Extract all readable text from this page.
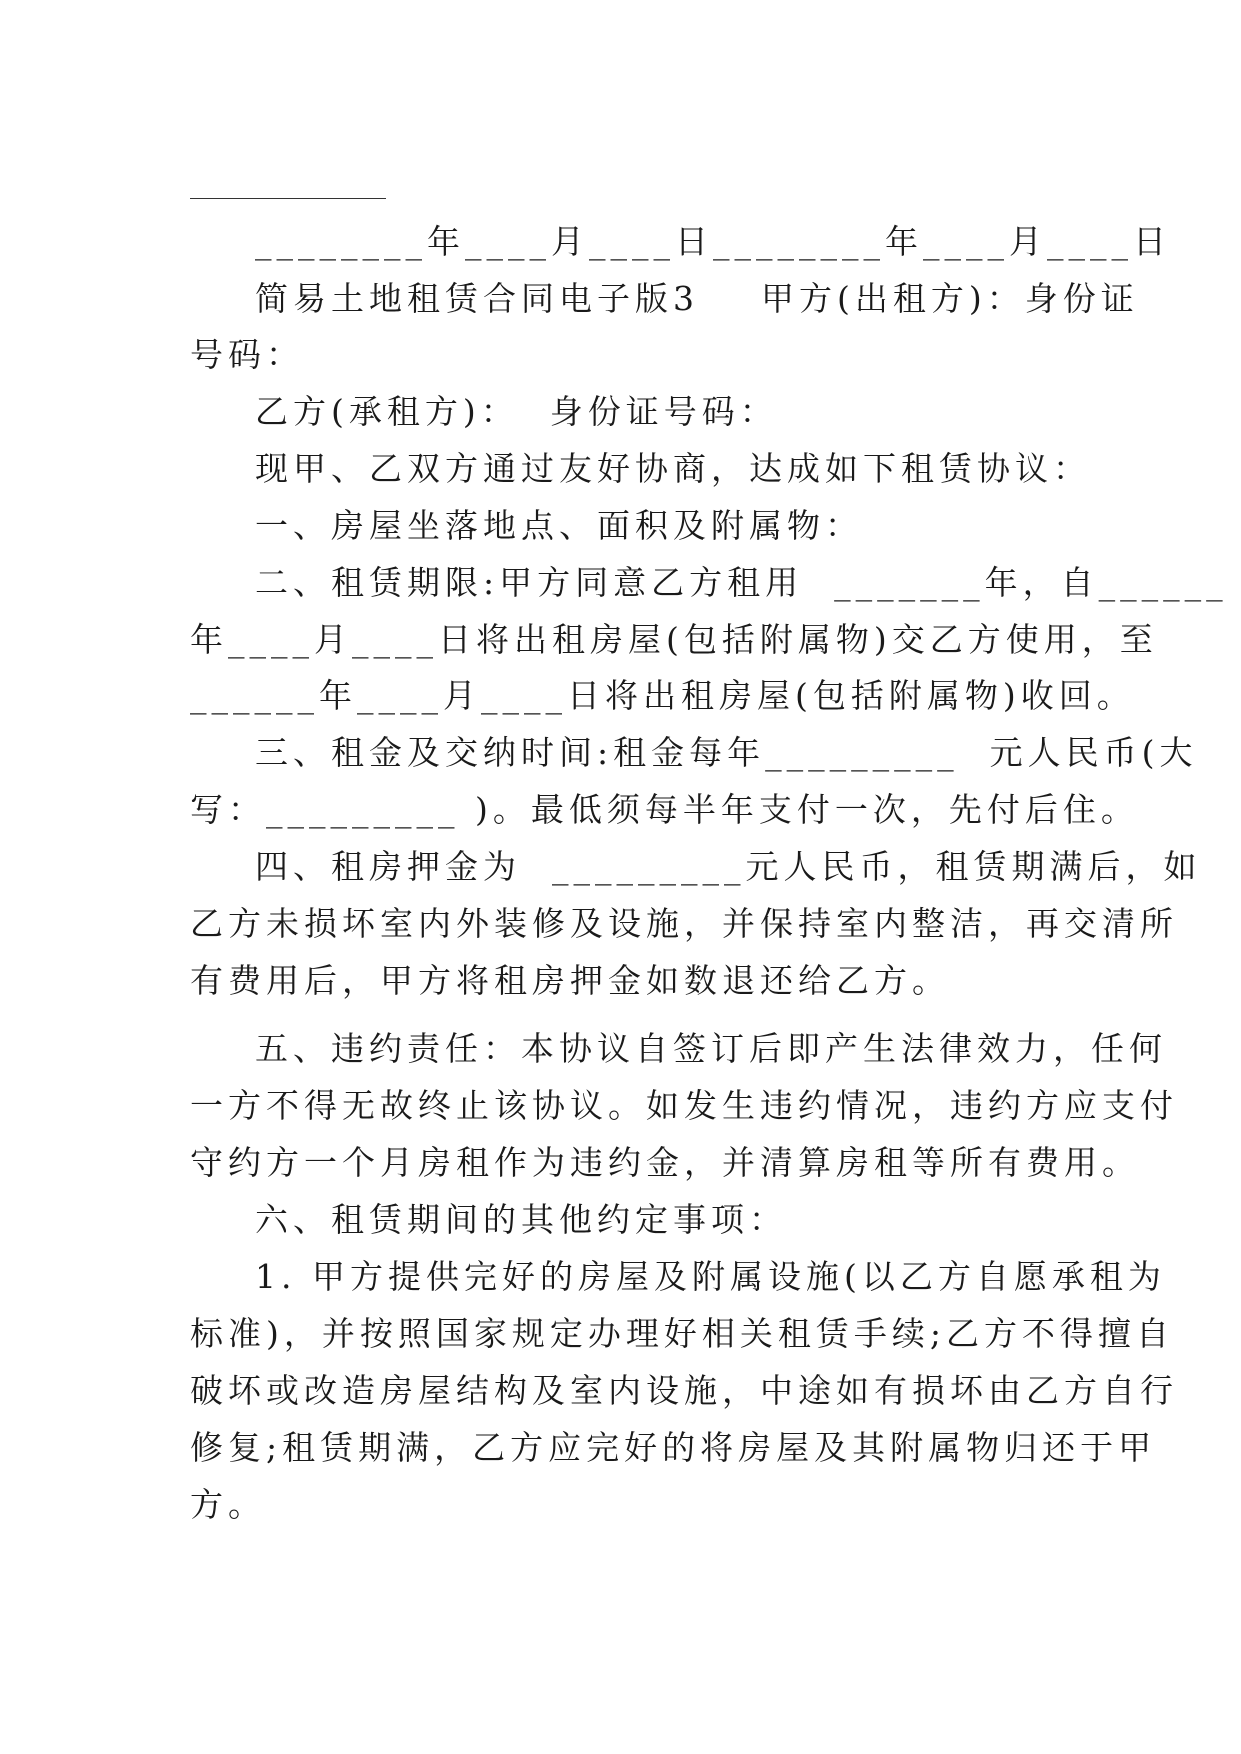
________年____月____日________年____月____日
简易土地租赁合同电子版3    甲方(出租方)：身份证
号码：
乙方(承租方)：  身份证号码：
现甲、乙双方通过友好协商，达成如下租赁协议：
一、房屋坐落地点、面积及附属物：
二、租赁期限:甲方同意乙方租用  _______年，自______
年____月____日将出租房屋(包括附属物)交乙方使用，至
______年____月____日将出租房屋(包括附属物)收回。
三、租金及交纳时间:租金每年_________  元人民币(大
写：_________ )。最低须每半年支付一次，先付后住。
四、租房押金为  _________元人民币，租赁期满后，如
乙方未损坏室内外装修及设施，并保持室内整洁，再交清所
有费用后，甲方将租房押金如数退还给乙方。
五、违约责任：本协议自签订后即产生法律效力，任何
一方不得无故终止该协议。如发生违约情况，违约方应支付
守约方一个月房租作为违约金，并清算房租等所有费用。
六、租赁期间的其他约定事项：
1. 甲方提供完好的房屋及附属设施(以乙方自愿承租为
标准)，并按照国家规定办理好相关租赁手续;乙方不得擅自
破坏或改造房屋结构及室内设施，中途如有损坏由乙方自行
修复;租赁期满，乙方应完好的将房屋及其附属物归还于甲
方。
